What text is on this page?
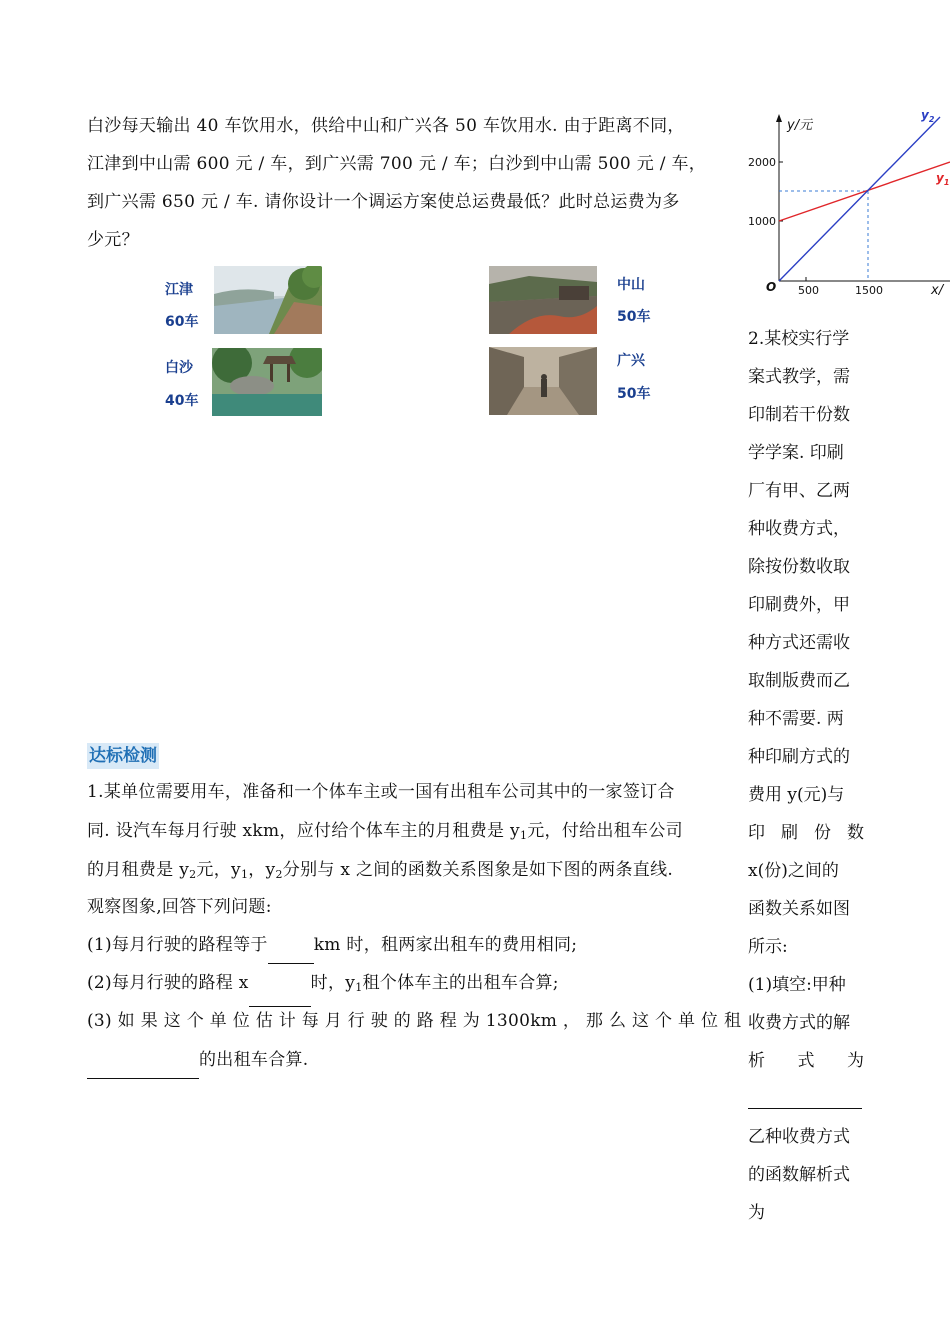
白沙每天输出 40 车饮用水，供给中山和广兴各 50 车饮用水. 由于距离不同，
江津到中山需 600 元 / 车，到广兴需 700 元 / 车；白沙到中山需 500 元 / 车，
到广兴需 650 元 / 车. 请你设计一个调运方案使总运费最低？此时总运费为多
少元？
江津
60车
白沙
40车
中山
50车
广兴
50车
2000
1000
500	1500
O
y/元
x/
$y_2$
$y_1$
2.某校实行学
案式教学，需
印制若干份数
学学案. 印刷
厂有甲、乙两
种收费方式，
除按份数收取
印刷费外，甲
种方式还需收
取制版费而乙
种不需要. 两
种印刷方式的
费用 y(元)与
印 刷 份 数
x(份)之间的
函数关系如图
所示:
(1)填空:甲种
收费方式的解
析 式 为
乙种收费方式
的函数解析式
为
达标检测
1.某单位需要用车，准备和一个体车主或一国有出租车公司其中的一家签订合
同. 设汽车每月行驶 xkm，应付给个体车主的月租费是 $y_1$元，付给出租车公司
的月租费是 $y_2$元，$y_1$，$y_2$分别与 x 之间的函数关系图象是如下图的两条直线.
观察图象,回答下列问题:
(1)每月行驶的路程等于	km 时，租两家出租车的费用相同;
(2)每月行驶的路程 x	时，$y_1$租个体车主的出租车合算;
(3) 如 果 这 个 单 位 估 计 每 月 行 驶 的 路 程 为 1300km ， 那 么 这 个 单 位 租
的出租车合算.
